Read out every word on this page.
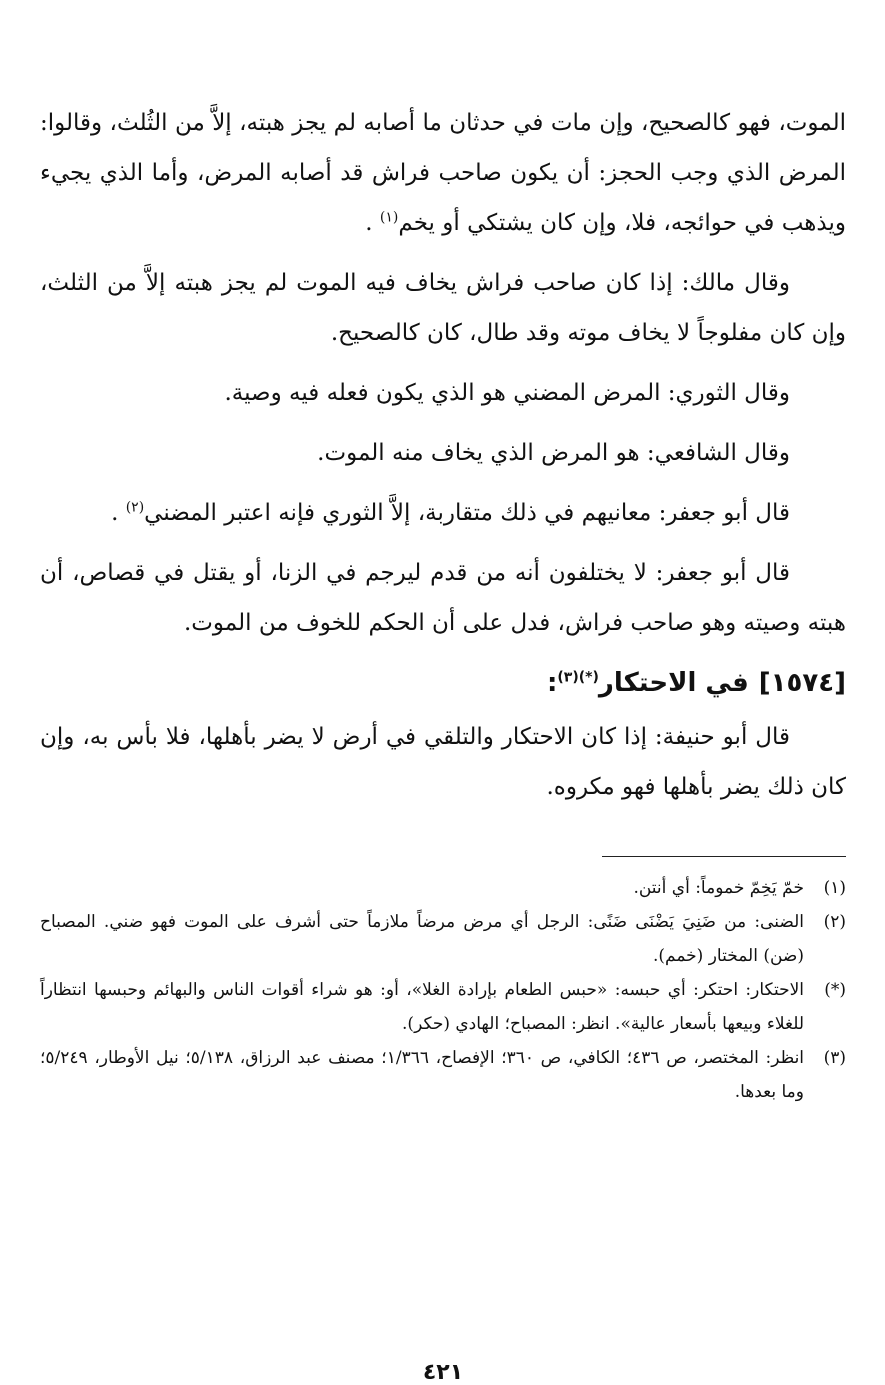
الموت، فهو كالصحيح، وإن مات في حدثان ما أصابه لم يجز هبته، إلاَّ من الثُلث، وقالوا: المرض الذي وجب الحجز: أن يكون صاحب فراش قد أصابه المرض، وأما الذي يجيء ويذهب في حوائجه، فلا، وإن كان يشتكي أو يخم$^{(١)}$ .

وقال مالك: إذا كان صاحب فراش يخاف فيه الموت لم يجز هبته إلاَّ من الثلث، وإن كان مفلوجاً لا يخاف موته وقد طال، كان كالصحيح.

وقال الثوري: المرض المضني هو الذي يكون فعله فيه وصية.

وقال الشافعي: هو المرض الذي يخاف منه الموت.

قال أبو جعفر: معانيهم في ذلك متقاربة، إلاَّ الثوري فإنه اعتبر المضني$^{(٢)}$ .

قال أبو جعفر: لا يختلفون أنه من قدم ليرجم في الزنا، أو يقتل في قصاص، أن هبته وصيته وهو صاحب فراش، فدل على أن الحكم للخوف من الموت.

[١٥٧٤]في الاحتكار$^{(*)(٣)}$:

قال أبو حنيفة: إذا كان الاحتكار والتلقي في أرض لا يضر بأهلها، فلا بأس به، وإن كان ذلك يضر بأهلها فهو مكروه.

(١)
خمّ يَخِمّ خموماً: أي أنتن.
(٢)
الضنى: من ضَنِيَ يَضْنَى ضَنًى: الرجل أي مرض مرضاً ملازماً حتى أشرف على الموت فهو ضني. المصباح (ضن) المختار (خمم).
(*)
الاحتكار: احتكر: أي حبسه: «حبس الطعام بإرادة الغلا»، أو: هو شراء أقوات الناس والبهائم وحبسها انتظاراً للغلاء وبيعها بأسعار عالية». انظر: المصباح؛ الهادي (حكر).
(٣)
انظر: المختصر، ص ٤٣٦؛ الكافي، ص ٣٦٠؛ الإفصاح، ١/٣٦٦؛ مصنف عبد الرزاق، ٥/١٣٨؛ نيل الأوطار، ٥/٢٤٩؛ وما بعدها.
٤٢١
